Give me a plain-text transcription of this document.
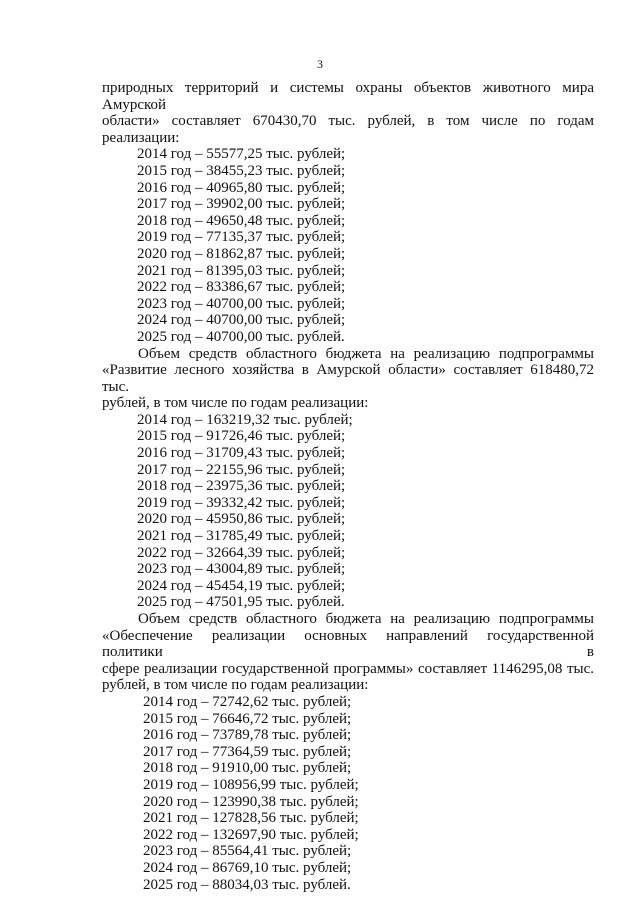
3
природных территорий и системы охраны объектов животного мира Амурской
области» составляет 670430,70 тыс. рублей, в том числе по годам реализации:
2014 год – 55577,25 тыс. рублей;
2015 год – 38455,23 тыс. рублей;
2016 год – 40965,80 тыс. рублей;
2017 год – 39902,00 тыс. рублей;
2018 год – 49650,48 тыс. рублей;
2019 год – 77135,37 тыс. рублей;
2020 год – 81862,87 тыс. рублей;
2021 год – 81395,03 тыс. рублей;
2022 год – 83386,67 тыс. рублей;
2023 год – 40700,00 тыс. рублей;
2024 год – 40700,00 тыс. рублей;
2025 год – 40700,00 тыс. рублей.
Объем средств областного бюджета на реализацию подпрограммы
«Развитие лесного хозяйства в Амурской области» составляет 618480,72 тыс.
рублей, в том числе по годам реализации:
2014 год – 163219,32 тыс. рублей;
2015 год – 91726,46 тыс. рублей;
2016 год – 31709,43 тыс. рублей;
2017 год – 22155,96 тыс. рублей;
2018 год – 23975,36 тыс. рублей;
2019 год – 39332,42 тыс. рублей;
2020 год – 45950,86 тыс. рублей;
2021 год – 31785,49 тыс. рублей;
2022 год – 32664,39 тыс. рублей;
2023 год – 43004,89 тыс. рублей;
2024 год – 45454,19 тыс. рублей;
2025 год – 47501,95 тыс. рублей.
Объем средств областного бюджета на реализацию подпрограммы
«Обеспечение реализации основных направлений государственной политики в
сфере реализации государственной программы» составляет 1146295,08 тыс.
рублей, в том числе по годам реализации:
2014 год – 72742,62 тыс. рублей;
2015 год – 76646,72 тыс. рублей;
2016 год – 73789,78 тыс. рублей;
2017 год – 77364,59 тыс. рублей;
2018 год – 91910,00 тыс. рублей;
2019 год – 108956,99 тыс. рублей;
2020 год – 123990,38 тыс. рублей;
2021 год – 127828,56 тыс. рублей;
2022 год – 132697,90 тыс. рублей;
2023 год – 85564,41 тыс. рублей;
2024 год – 86769,10 тыс. рублей;
2025 год – 88034,03 тыс. рублей.
